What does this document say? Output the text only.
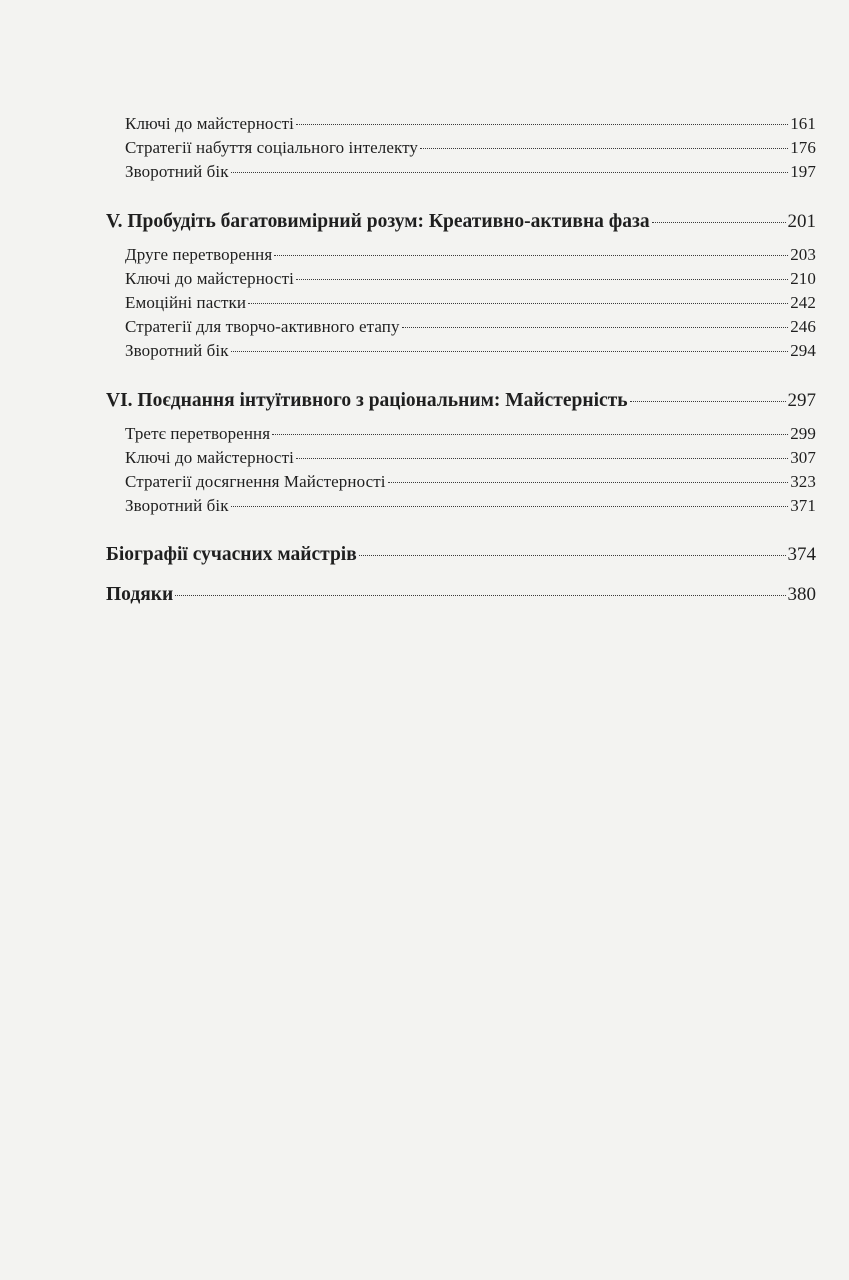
Ключі до майстерності	161
Стратегії набуття соціального інтелекту	176
Зворотний бік	197
V. Пробудіть багатовимірний розум: Креативно-активна фаза	201
Друге перетворення	203
Ключі до майстерності	210
Емоційні пастки	242
Стратегії для творчо-активного етапу	246
Зворотний бік	294
VI. Поєднання інтуїтивного з раціональним: Майстерність	297
Третє перетворення	299
Ключі до майстерності	307
Стратегії досягнення Майстерності	323
Зворотний бік	371
Біографії сучасних майстрів	374
Подяки	380
